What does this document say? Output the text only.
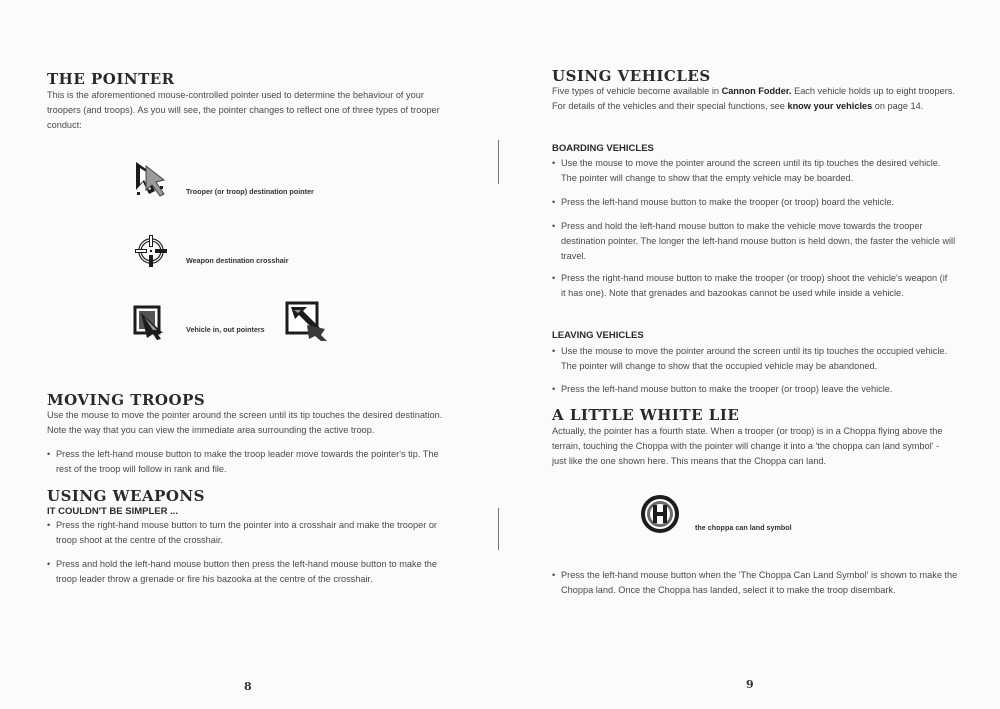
THE POINTER

This is the aforementioned mouse-controlled pointer used to determine the behaviour of your troopers (and troops). As you will see, the pointer changes to reflect one of three types of trooper conduct:

Trooper (or troop) destination pointer
Weapon destination crosshair
Vehicle in, out pointers
MOVING TROOPS

Use the mouse to move the pointer around the screen until its tip touches the desired destination. Note the way that you can view the immediate area surrounding the active troop.

• Press the left-hand mouse button to make the troop leader move towards the pointer's tip. The rest of the troop will follow in rank and file.

USING WEAPONS
IT COULDN'T BE SIMPLER ...

• Press the right-hand mouse button to turn the pointer into a crosshair and make the trooper or troop shoot at the centre of the crosshair.

• Press and hold the left-hand mouse button then press the left-hand mouse button to make the troop leader throw a grenade or fire his bazooka at the centre of the crosshair.

8
USING VEHICLES

Five types of vehicle become available in Cannon Fodder. Each vehicle holds up to eight troopers. For details of the vehicles and their special functions, see know your vehicles on page 14.

BOARDING VEHICLES

• Use the mouse to move the pointer around the screen until its tip touches the desired vehicle. The pointer will change to show that the empty vehicle may be boarded.

• Press the left-hand mouse button to make the trooper (or troop) board the vehicle.

• Press and hold the left-hand mouse button to make the vehicle move towards the trooper destination pointer. The longer the left-hand mouse button is held down, the faster the vehicle will travel.

• Press the right-hand mouse button to make the trooper (or troop) shoot the vehicle's weapon (if it has one). Note that grenades and bazookas cannot be used while inside a vehicle.

LEAVING VEHICLES

• Use the mouse to move the pointer around the screen until its tip touches the occupied vehicle. The pointer will change to show that the occupied vehicle may be abandoned.

• Press the left-hand mouse button to make the trooper (or troop) leave the vehicle.

A LITTLE WHITE LIE

Actually, the pointer has a fourth state. When a trooper (or troop) is in a Choppa flying above the terrain, touching the Choppa with the pointer will change it into a 'the choppa can land symbol' - just like the one shown here. This means that the Choppa can land.

the choppa can land symbol

• Press the left-hand mouse button when the 'The Choppa Can Land Symbol' is shown to make the Choppa land. Once the Choppa has landed, select it to make the troop disembark.

9
